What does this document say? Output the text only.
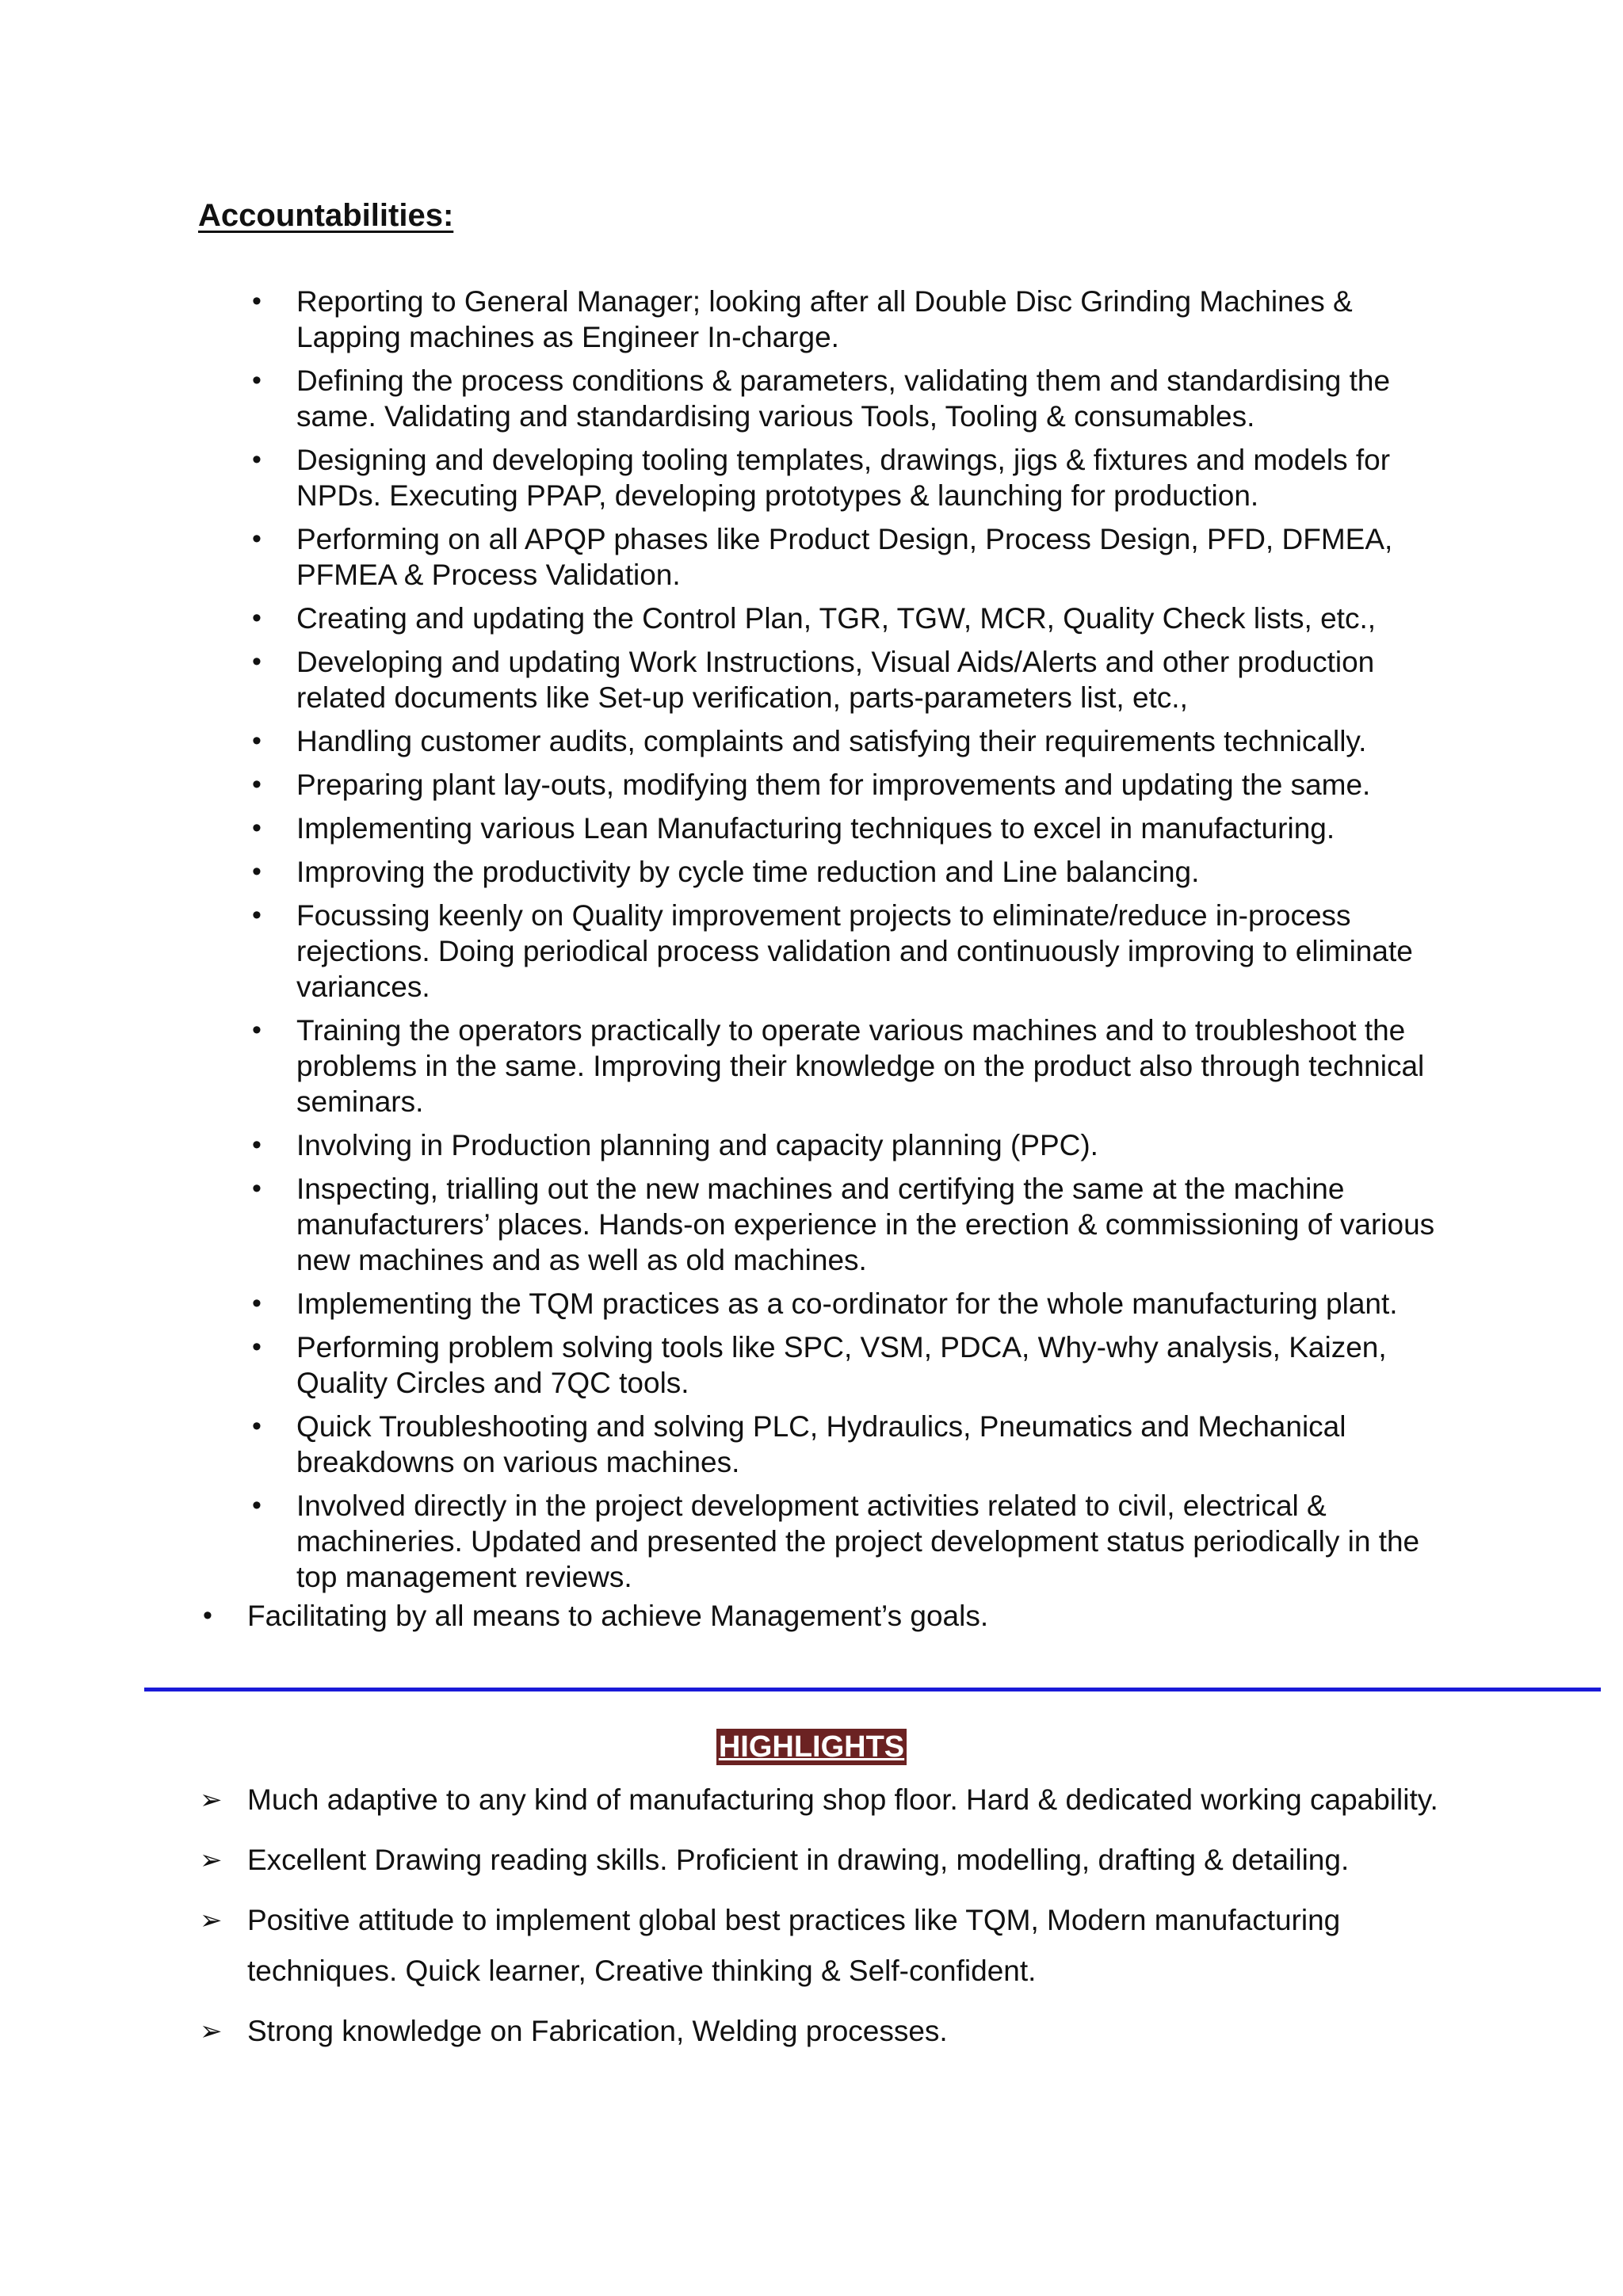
Accountabilities:
• Reporting to General Manager; looking after all Double Disc Grinding Machines & Lapping machines as Engineer In-charge.
• Defining the process conditions & parameters, validating them and standardising the same. Validating and standardising various Tools, Tooling & consumables.
• Designing and developing tooling templates, drawings, jigs & fixtures and models for NPDs. Executing PPAP, developing prototypes & launching for production.
• Performing on all APQP phases like Product Design, Process Design, PFD, DFMEA, PFMEA & Process Validation.
• Creating and updating the Control Plan, TGR, TGW, MCR, Quality Check lists, etc.,
• Developing and updating Work Instructions, Visual Aids/Alerts and other production related documents like Set-up verification, parts-parameters list, etc.,
• Handling customer audits, complaints and satisfying their requirements technically.
• Preparing plant lay-outs, modifying them for improvements and updating the same.
• Implementing various Lean Manufacturing techniques to excel in manufacturing.
• Improving the productivity by cycle time reduction and Line balancing.
• Focussing keenly on Quality improvement projects to eliminate/reduce in-process rejections. Doing periodical process validation and continuously improving to eliminate variances.
• Training the operators practically to operate various machines and to troubleshoot the problems in the same. Improving their knowledge on the product also through technical seminars.
• Involving in Production planning and capacity planning (PPC).
• Inspecting, trialling out the new machines and certifying the same at the machine manufacturers’ places. Hands-on experience in the erection & commissioning of various new machines and as well as old machines.
• Implementing the TQM practices as a co-ordinator for the whole manufacturing plant.
• Performing problem solving tools like SPC, VSM, PDCA, Why-why analysis, Kaizen, Quality Circles and 7QC tools.
• Quick Troubleshooting and solving PLC, Hydraulics, Pneumatics and Mechanical breakdowns on various machines.
• Involved directly in the project development activities related to civil, electrical & machineries. Updated and presented the project development status periodically in the top management reviews.
• Facilitating by all means to achieve Management’s goals.
HIGHLIGHTS
➢ Much adaptive to any kind of manufacturing shop floor. Hard & dedicated working capability.
➢ Excellent Drawing reading skills. Proficient in drawing, modelling, drafting & detailing.
➢ Positive attitude to implement global best practices like TQM, Modern manufacturing techniques. Quick learner, Creative thinking & Self-confident.
➢ Strong knowledge on Fabrication, Welding processes.
